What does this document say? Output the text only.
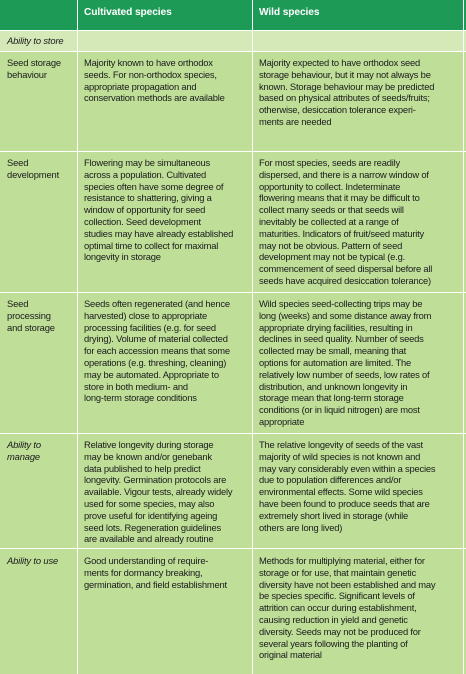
Cultivated species	Wild species
Ability to store
Seed storage
behaviour
Majority known to have orthodox
seeds. For non-orthodox species,
appropriate propagation and
conservation methods are available
Majority expected to have orthodox seed
storage behaviour, but it may not always be
known. Storage behaviour may be predicted
based on physical attributes of seeds/fruits;
otherwise, desiccation tolerance experi-
ments are needed
Seed
development
Flowering may be simultaneous
across a population. Cultivated
species often have some degree of
resistance to shattering, giving a
window of opportunity for seed
collection. Seed development
studies may have already established
optimal time to collect for maximal
longevity in storage
For most species, seeds are readily
dispersed, and there is a narrow window of
opportunity to collect. Indeterminate
flowering means that it may be difficult to
collect many seeds or that seeds will
inevitably be collected at a range of
maturities. Indicators of fruit/seed maturity
may not be obvious. Pattern of seed
development may not be typical (e.g.
commencement of seed dispersal before all
seeds have acquired desiccation tolerance)
Seed
processing
and storage
Seeds often regenerated (and hence
harvested) close to appropriate
processing facilities (e.g. for seed
drying). Volume of material collected
for each accession means that some
operations (e.g. threshing, cleaning)
may be automated. Appropriate to
store in both medium- and
long-term storage conditions
Wild species seed-collecting trips may be
long (weeks) and some distance away from
appropriate drying facilities, resulting in
declines in seed quality. Number of seeds
collected may be small, meaning that
options for automation are limited. The
relatively low number of seeds, low rates of
distribution, and unknown longevity in
storage mean that long-term storage
conditions (or in liquid nitrogen) are most
appropriate
Ability to
manage
Relative longevity during storage
may be known and/or genebank
data published to help predict
longevity. Germination protocols are
available. Vigour tests, already widely
used for some species, may also
prove useful for identifying ageing
seed lots. Regeneration guidelines
are available and already routine
The relative longevity of seeds of the vast
majority of wild species is not known and
may vary considerably even within a species
due to population differences and/or
environmental effects. Some wild species
have been found to produce seeds that are
extremely short lived in storage (while
others are long lived)
Ability to use	Good understanding of require-
ments for dormancy breaking,
germination, and field establishment
Methods for multiplying material, either for
storage or for use, that maintain genetic
diversity have not been established and may
be species specific. Significant levels of
attrition can occur during establishment,
causing reduction in yield and genetic
diversity. Seeds may not be produced for
several years following the planting of
original material
